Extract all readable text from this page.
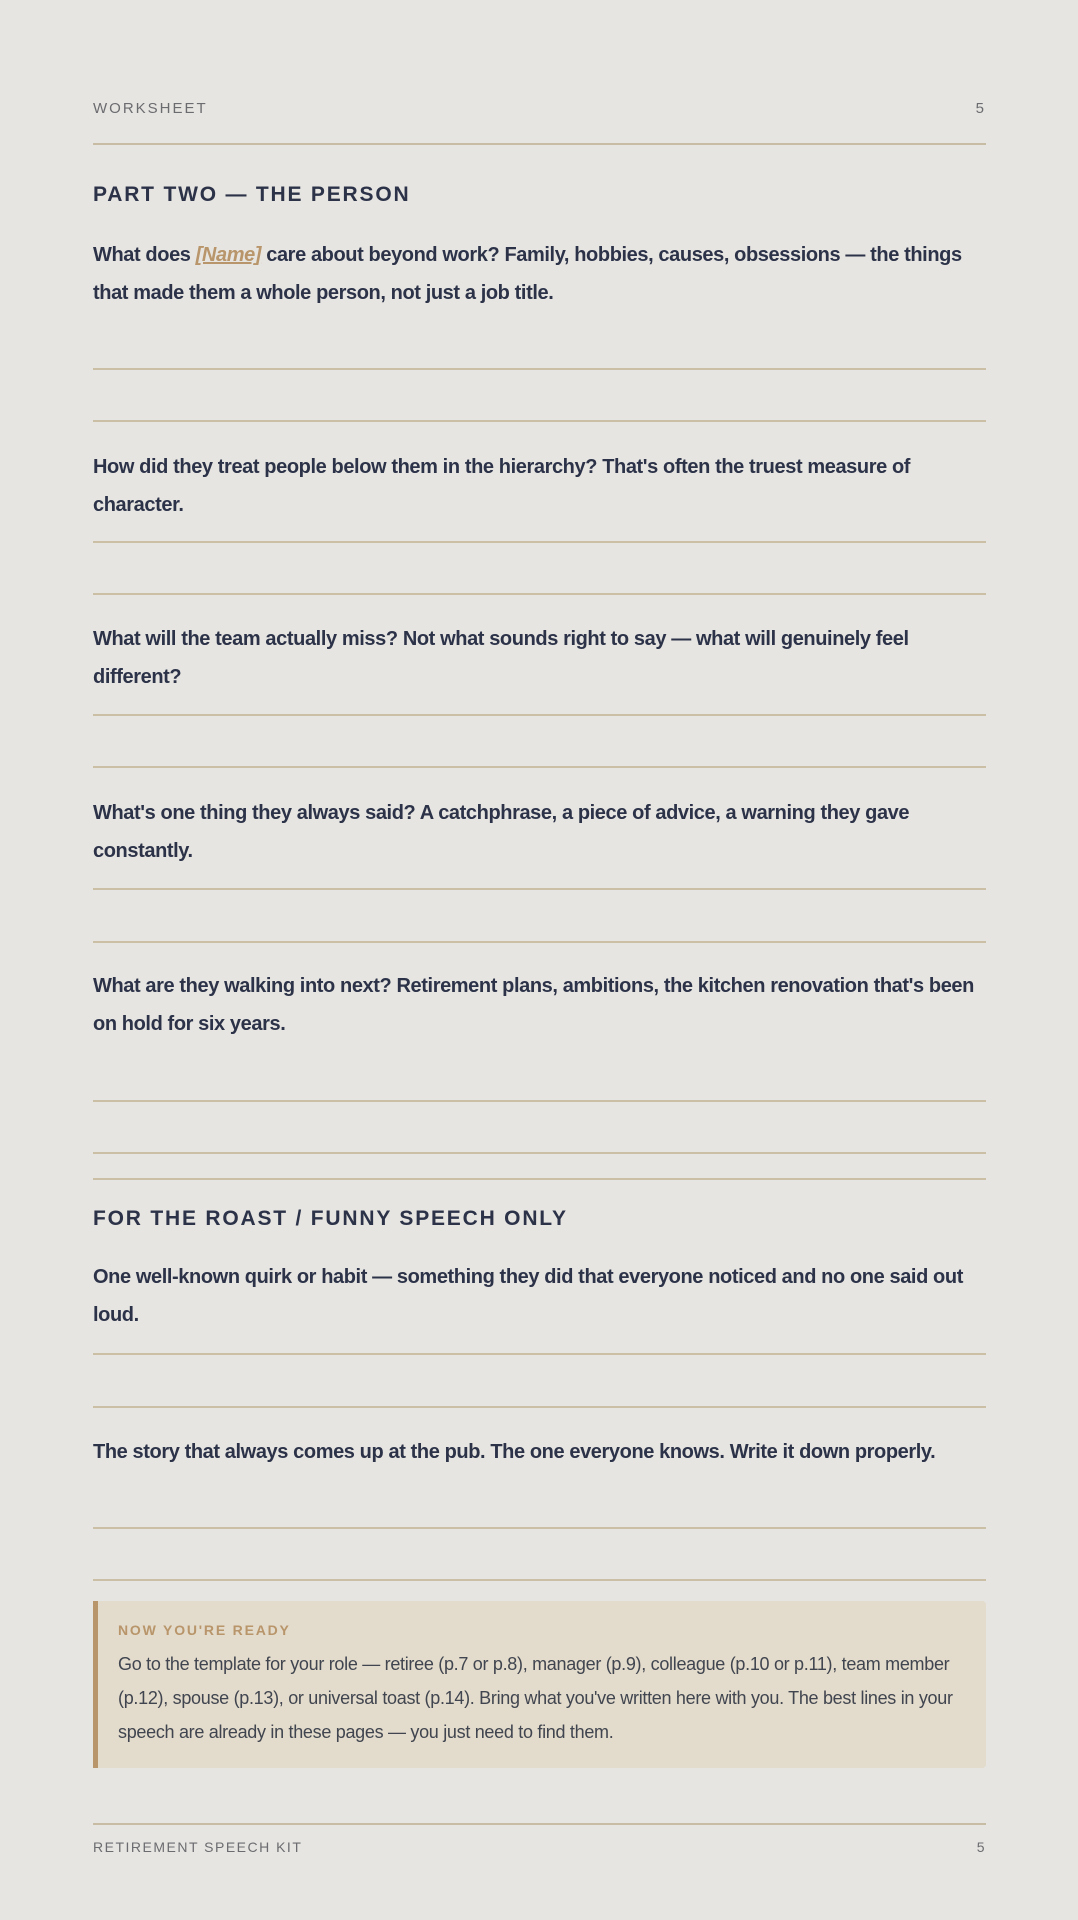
WORKSHEET	5
PART TWO — THE PERSON
What does [Name] care about beyond work? Family, hobbies, causes, obsessions — the things that made them a whole person, not just a job title.
How did they treat people below them in the hierarchy? That's often the truest measure of character.
What will the team actually miss? Not what sounds right to say — what will genuinely feel different?
What's one thing they always said? A catchphrase, a piece of advice, a warning they gave constantly.
What are they walking into next? Retirement plans, ambitions, the kitchen renovation that's been on hold for six years.
FOR THE ROAST / FUNNY SPEECH ONLY
One well-known quirk or habit — something they did that everyone noticed and no one said out loud.
The story that always comes up at the pub. The one everyone knows. Write it down properly.
NOW YOU'RE READY
Go to the template for your role — retiree (p.7 or p.8), manager (p.9), colleague (p.10 or p.11), team member (p.12), spouse (p.13), or universal toast (p.14). Bring what you've written here with you. The best lines in your speech are already in these pages — you just need to find them.
RETIREMENT SPEECH KIT	5
